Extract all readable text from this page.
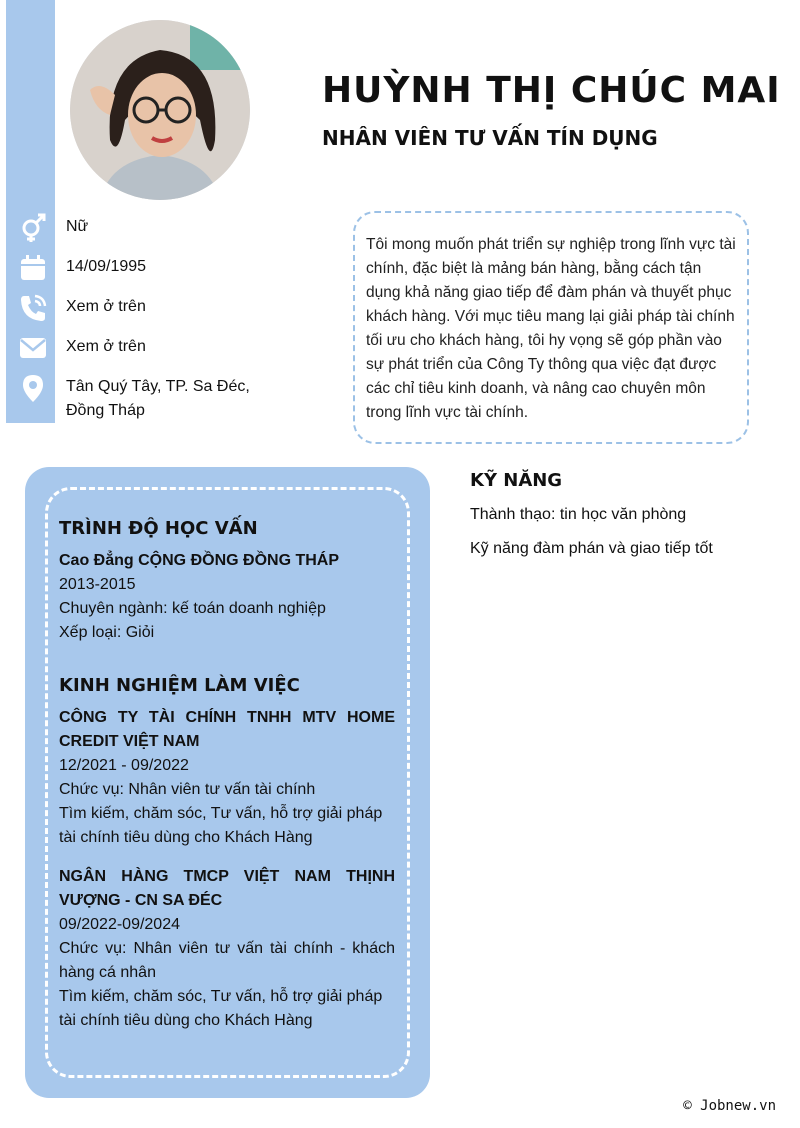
HUỲNH THỊ CHÚC MAI
NHÂN VIÊN TƯ VẤN TÍN DỤNG
Nữ
14/09/1995
Xem ở trên
Xem ở trên
Tân Quý Tây, TP. Sa Đéc,
Đồng Tháp
Tôi mong muốn phát triển sự nghiệp trong lĩnh vực tài chính, đặc biệt là mảng bán hàng, bằng cách tận dụng khả năng giao tiếp để đàm phán và thuyết phục khách hàng. Với mục tiêu mang lại giải pháp tài chính tối ưu cho khách hàng, tôi hy vọng sẽ góp phần vào sự phát triển của Công Ty thông qua việc đạt được các chỉ tiêu kinh doanh, và nâng cao chuyên môn trong lĩnh vực tài chính.
TRÌNH ĐỘ HỌC VẤN
Cao Đẳng CỘNG ĐỒNG ĐỒNG THÁP
2013-2015
Chuyên ngành: kế toán doanh nghiệp
Xếp loại: Giỏi
KINH NGHIỆM LÀM VIỆC
CÔNG TY TÀI CHÍNH TNHH MTV HOME CREDIT VIỆT NAM
12/2021 - 09/2022
Chức vụ: Nhân viên tư vấn tài chính
Tìm kiếm, chăm sóc, Tư vấn, hỗ trợ giải pháp tài chính tiêu dùng cho Khách Hàng
NGÂN HÀNG TMCP VIỆT NAM THỊNH VƯỢNG - CN SA ĐÉC
09/2022-09/2024
Chức vụ: Nhân viên tư vấn tài chính - khách hàng cá nhân
Tìm kiếm, chăm sóc, Tư vấn, hỗ trợ giải pháp tài chính tiêu dùng cho Khách Hàng
KỸ NĂNG
Thành thạo: tin học văn phòng
Kỹ năng đàm phán và giao tiếp tốt
© Jobnew.vn
